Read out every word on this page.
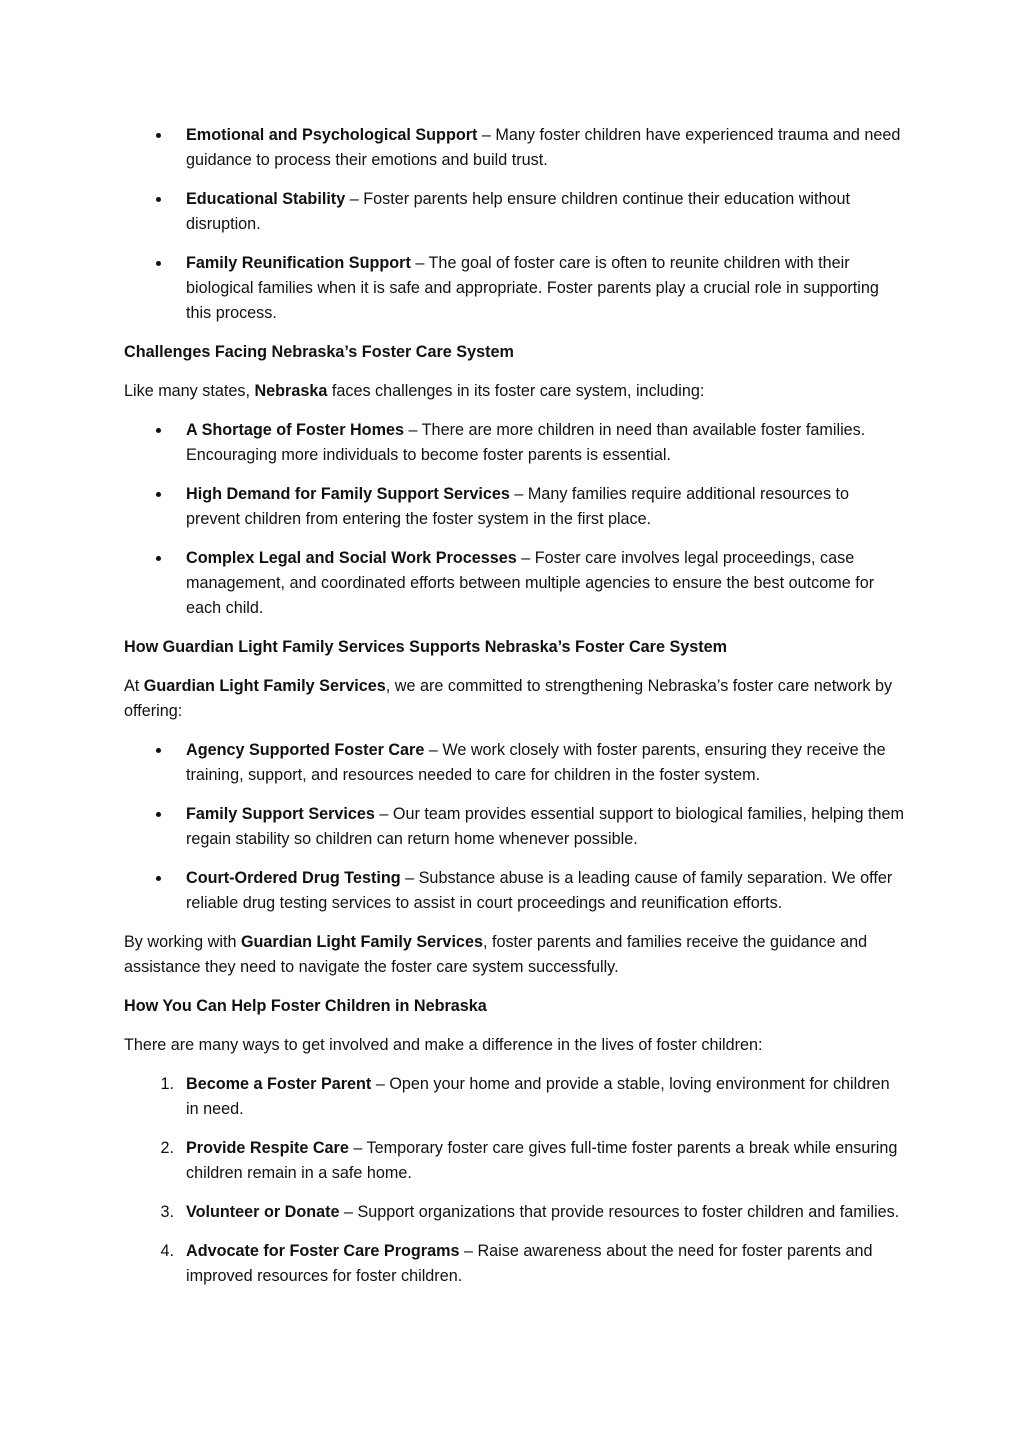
Emotional and Psychological Support – Many foster children have experienced trauma and need guidance to process their emotions and build trust.
Educational Stability – Foster parents help ensure children continue their education without disruption.
Family Reunification Support – The goal of foster care is often to reunite children with their biological families when it is safe and appropriate. Foster parents play a crucial role in supporting this process.
Challenges Facing Nebraska’s Foster Care System

Like many states, Nebraska faces challenges in its foster care system, including:

A Shortage of Foster Homes – There are more children in need than available foster families. Encouraging more individuals to become foster parents is essential.
High Demand for Family Support Services – Many families require additional resources to prevent children from entering the foster system in the first place.
Complex Legal and Social Work Processes – Foster care involves legal proceedings, case management, and coordinated efforts between multiple agencies to ensure the best outcome for each child.
How Guardian Light Family Services Supports Nebraska’s Foster Care System

At Guardian Light Family Services, we are committed to strengthening Nebraska’s foster care network by offering:

Agency Supported Foster Care – We work closely with foster parents, ensuring they receive the training, support, and resources needed to care for children in the foster system.
Family Support Services – Our team provides essential support to biological families, helping them regain stability so children can return home whenever possible.
Court-Ordered Drug Testing – Substance abuse is a leading cause of family separation. We offer reliable drug testing services to assist in court proceedings and reunification efforts.

By working with Guardian Light Family Services, foster parents and families receive the guidance and assistance they need to navigate the foster care system successfully.

How You Can Help Foster Children in Nebraska

There are many ways to get involved and make a difference in the lives of foster children:

1. Become a Foster Parent – Open your home and provide a stable, loving environment for children in need.
2. Provide Respite Care – Temporary foster care gives full-time foster parents a break while ensuring children remain in a safe home.
3. Volunteer or Donate – Support organizations that provide resources to foster children and families.
4. Advocate for Foster Care Programs – Raise awareness about the need for foster parents and improved resources for foster children.
